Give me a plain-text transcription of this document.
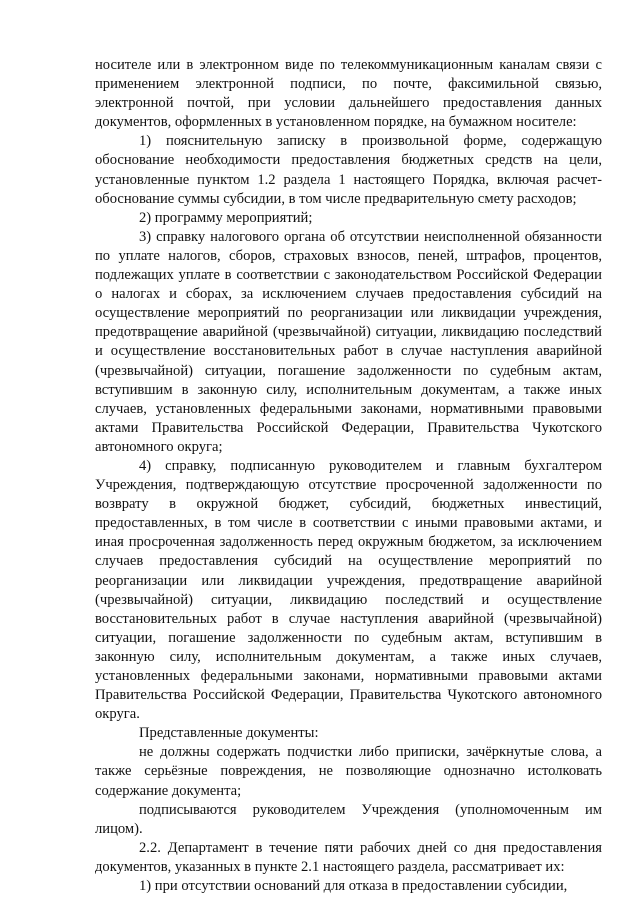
носителе или в электронном виде по телекоммуникационным каналам связи с применением электронной подписи, по почте, факсимильной связью, электронной почтой, при условии дальнейшего предоставления данных документов, оформленных в установленном порядке, на бумажном носителе:

1) пояснительную записку в произвольной форме, содержащую обоснование необходимости предоставления бюджетных средств на цели, установленные пунктом 1.2 раздела 1 настоящего Порядка, включая расчет-обоснование суммы субсидии, в том числе предварительную смету расходов;

2) программу мероприятий;

3) справку налогового органа об отсутствии неисполненной обязанности по уплате налогов, сборов, страховых взносов, пеней, штрафов, процентов, подлежащих уплате в соответствии с законодательством Российской Федерации о налогах и сборах, за исключением случаев предоставления субсидий на осуществление мероприятий по реорганизации или ликвидации учреждения, предотвращение аварийной (чрезвычайной) ситуации, ликвидацию последствий и осуществление восстановительных работ в случае наступления аварийной (чрезвычайной) ситуации, погашение задолженности по судебным актам, вступившим в законную силу, исполнительным документам, а также иных случаев, установленных федеральными законами, нормативными правовыми актами Правительства Российской Федерации, Правительства Чукотского автономного округа;

4) справку, подписанную руководителем и главным бухгалтером Учреждения, подтверждающую отсутствие просроченной задолженности по возврату в окружной бюджет, субсидий, бюджетных инвестиций, предоставленных, в том числе в соответствии с иными правовыми актами, и иная просроченная задолженность перед окружным бюджетом, за исключением случаев предоставления субсидий на осуществление мероприятий по реорганизации или ликвидации учреждения, предотвращение аварийной (чрезвычайной) ситуации, ликвидацию последствий и осуществление восстановительных работ в случае наступления аварийной (чрезвычайной) ситуации, погашение задолженности по судебным актам, вступившим в законную силу, исполнительным документам, а также иных случаев, установленных федеральными законами, нормативными правовыми актами Правительства Российской Федерации, Правительства Чукотского автономного округа.

Представленные документы:

не должны содержать подчистки либо приписки, зачёркнутые слова, а также серьёзные повреждения, не позволяющие однозначно истолковать содержание документа;

подписываются руководителем Учреждения (уполномоченным им лицом).

2.2. Департамент в течение пяти рабочих дней со дня предоставления документов, указанных в пункте 2.1 настоящего раздела, рассматривает их:

1) при отсутствии оснований для отказа в предоставлении субсидии,
